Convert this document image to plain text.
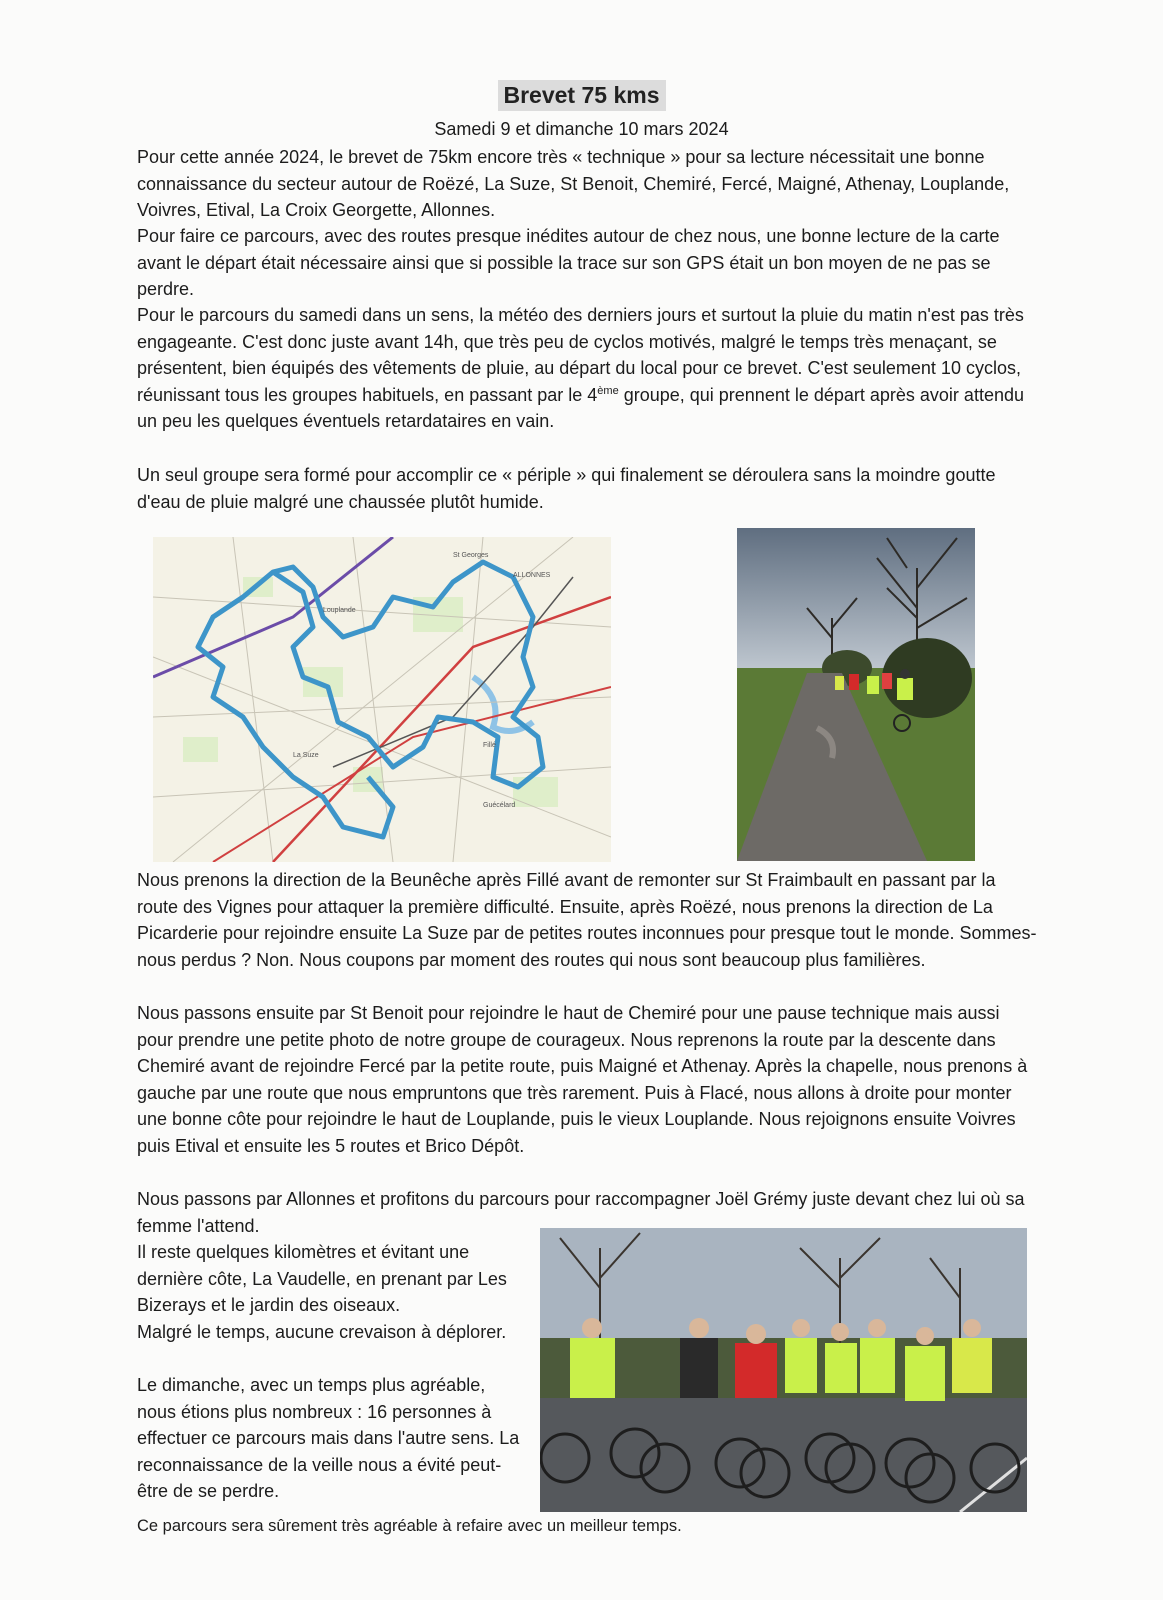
Brevet 75 kms
Samedi 9 et dimanche 10 mars 2024

Pour cette année 2024, le brevet de 75km encore très « technique » pour sa lecture nécessitait une bonne connaissance du secteur autour de Roëzé, La Suze, St Benoit, Chemiré, Fercé, Maigné, Athenay, Louplande, Voivres, Etival, La Croix Georgette, Allonnes.

Pour faire ce parcours, avec des routes presque inédites autour de chez nous, une bonne lecture de la carte avant le départ était nécessaire ainsi que si possible la trace sur son GPS était un bon moyen de ne pas se perdre.

Pour le parcours du samedi dans un sens, la météo des derniers jours et surtout la pluie du matin n'est pas très engageante. C'est donc juste avant 14h, que très peu de cyclos motivés, malgré le temps très menaçant, se présentent, bien équipés des vêtements de pluie, au départ du local pour ce brevet. C'est seulement 10 cyclos, réunissant tous les groupes habituels, en passant par le 4ème groupe, qui prennent le départ après avoir attendu un peu les quelques éventuels retardataires en vain.

Un seul groupe sera formé pour accomplir ce « périple » qui finalement se déroulera sans la moindre goutte d'eau de pluie malgré une chaussée plutôt humide.

St Georges
ALLONNES
Louplande
La Suze
Fillé
Guécélard

Nous prenons la direction de la Beunêche après Fillé avant de remonter sur St Fraimbault en passant par la route des Vignes pour attaquer la première difficulté. Ensuite, après Roëzé, nous prenons la direction de La Picarderie pour rejoindre ensuite La Suze par de petites routes inconnues pour presque tout le monde. Sommes-nous perdus ? Non. Nous coupons par moment des routes qui nous sont beaucoup plus familières.

Nous passons ensuite par St Benoit pour rejoindre le haut de Chemiré pour une pause technique mais aussi pour prendre une petite photo de notre groupe de courageux. Nous reprenons la route par la descente dans Chemiré avant de rejoindre Fercé par la petite route, puis Maigné et Athenay. Après la chapelle, nous prenons à gauche par une route que nous empruntons que très rarement. Puis à Flacé, nous allons à droite pour monter une bonne côte pour rejoindre le haut de Louplande, puis le vieux Louplande. Nous rejoignons ensuite Voivres puis Etival et ensuite les 5 routes et Brico Dépôt.

Nous passons par Allonnes et profitons du parcours pour raccompagner Joël Grémy juste devant chez lui où sa femme l'attend.

Il reste quelques kilomètres et évitant une dernière côte, La Vaudelle, en prenant par Les Bizerays et le jardin des oiseaux.

Malgré le temps, aucune crevaison à déplorer.

Le dimanche, avec un temps plus agréable, nous étions plus nombreux : 16 personnes à effectuer ce parcours mais dans l'autre sens. La reconnaissance de la veille nous a évité peut-être de se perdre.

Ce parcours sera sûrement très agréable à refaire avec un meilleur temps.
